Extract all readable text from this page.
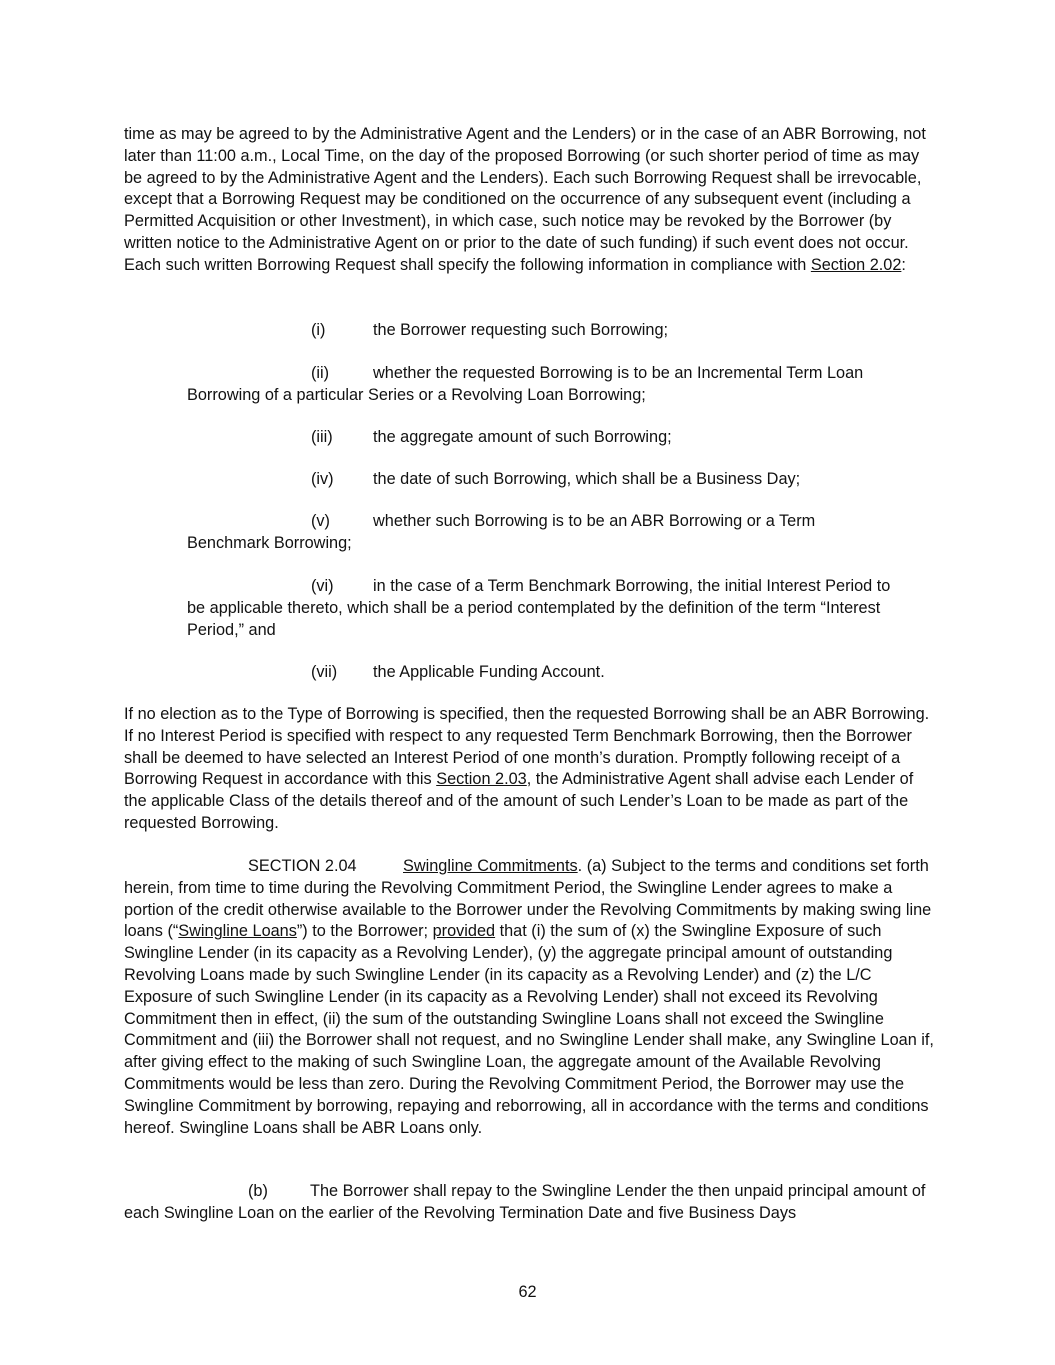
time as may be agreed to by the Administrative Agent and the Lenders) or in the case of an ABR Borrowing, not later than 11:00 a.m., Local Time, on the day of the proposed Borrowing (or such shorter period of time as may be agreed to by the Administrative Agent and the Lenders). Each such Borrowing Request shall be irrevocable, except that a Borrowing Request may be conditioned on the occurrence of any subsequent event (including a Permitted Acquisition or other Investment), in which case, such notice may be revoked by the Borrower (by written notice to the Administrative Agent on or prior to the date of such funding) if such event does not occur. Each such written Borrowing Request shall specify the following information in compliance with Section 2.02:

(i)	the Borrower requesting such Borrowing;
(ii)	whether the requested Borrowing is to be an Incremental Term Loan
Borrowing of a particular Series or a Revolving Loan Borrowing;
(iii)	the aggregate amount of such Borrowing;
(iv)	the date of such Borrowing, which shall be a Business Day;
(v)	whether such Borrowing is to be an ABR Borrowing or a Term
Benchmark Borrowing;
(vi)	in the case of a Term Benchmark Borrowing, the initial Interest Period to
be applicable thereto, which shall be a period contemplated by the definition of the term “Interest Period,” and
(vii)	the Applicable Funding Account.

If no election as to the Type of Borrowing is specified, then the requested Borrowing shall be an ABR Borrowing. If no Interest Period is specified with respect to any requested Term Benchmark Borrowing, then the Borrower shall be deemed to have selected an Interest Period of one month’s duration. Promptly following receipt of a Borrowing Request in accordance with this Section 2.03, the Administrative Agent shall advise each Lender of the applicable Class of the details thereof and of the amount of such Lender’s Loan to be made as part of the requested Borrowing.

SECTION 2.04	Swingline Commitments. (a) Subject to the terms and conditions set forth herein, from time to time during the Revolving Commitment Period, the Swingline Lender agrees to make a portion of the credit otherwise available to the Borrower under the Revolving Commitments by making swing line loans (“Swingline Loans”) to the Borrower; provided that (i) the sum of (x) the Swingline Exposure of such Swingline Lender (in its capacity as a Revolving Lender), (y) the aggregate principal amount of outstanding Revolving Loans made by such Swingline Lender (in its capacity as a Revolving Lender) and (z) the L/C Exposure of such Swingline Lender (in its capacity as a Revolving Lender) shall not exceed its Revolving Commitment then in effect, (ii) the sum of the outstanding Swingline Loans shall not exceed the Swingline Commitment and (iii) the Borrower shall not request, and no Swingline Lender shall make, any Swingline Loan if, after giving effect to the making of such Swingline Loan, the aggregate amount of the Available Revolving Commitments would be less than zero. During the Revolving Commitment Period, the Borrower may use the Swingline Commitment by borrowing, repaying and reborrowing, all in accordance with the terms and conditions hereof. Swingline Loans shall be ABR Loans only.

(b)	The Borrower shall repay to the Swingline Lender the then unpaid principal amount of each Swingline Loan on the earlier of the Revolving Termination Date and five Business Days

62
